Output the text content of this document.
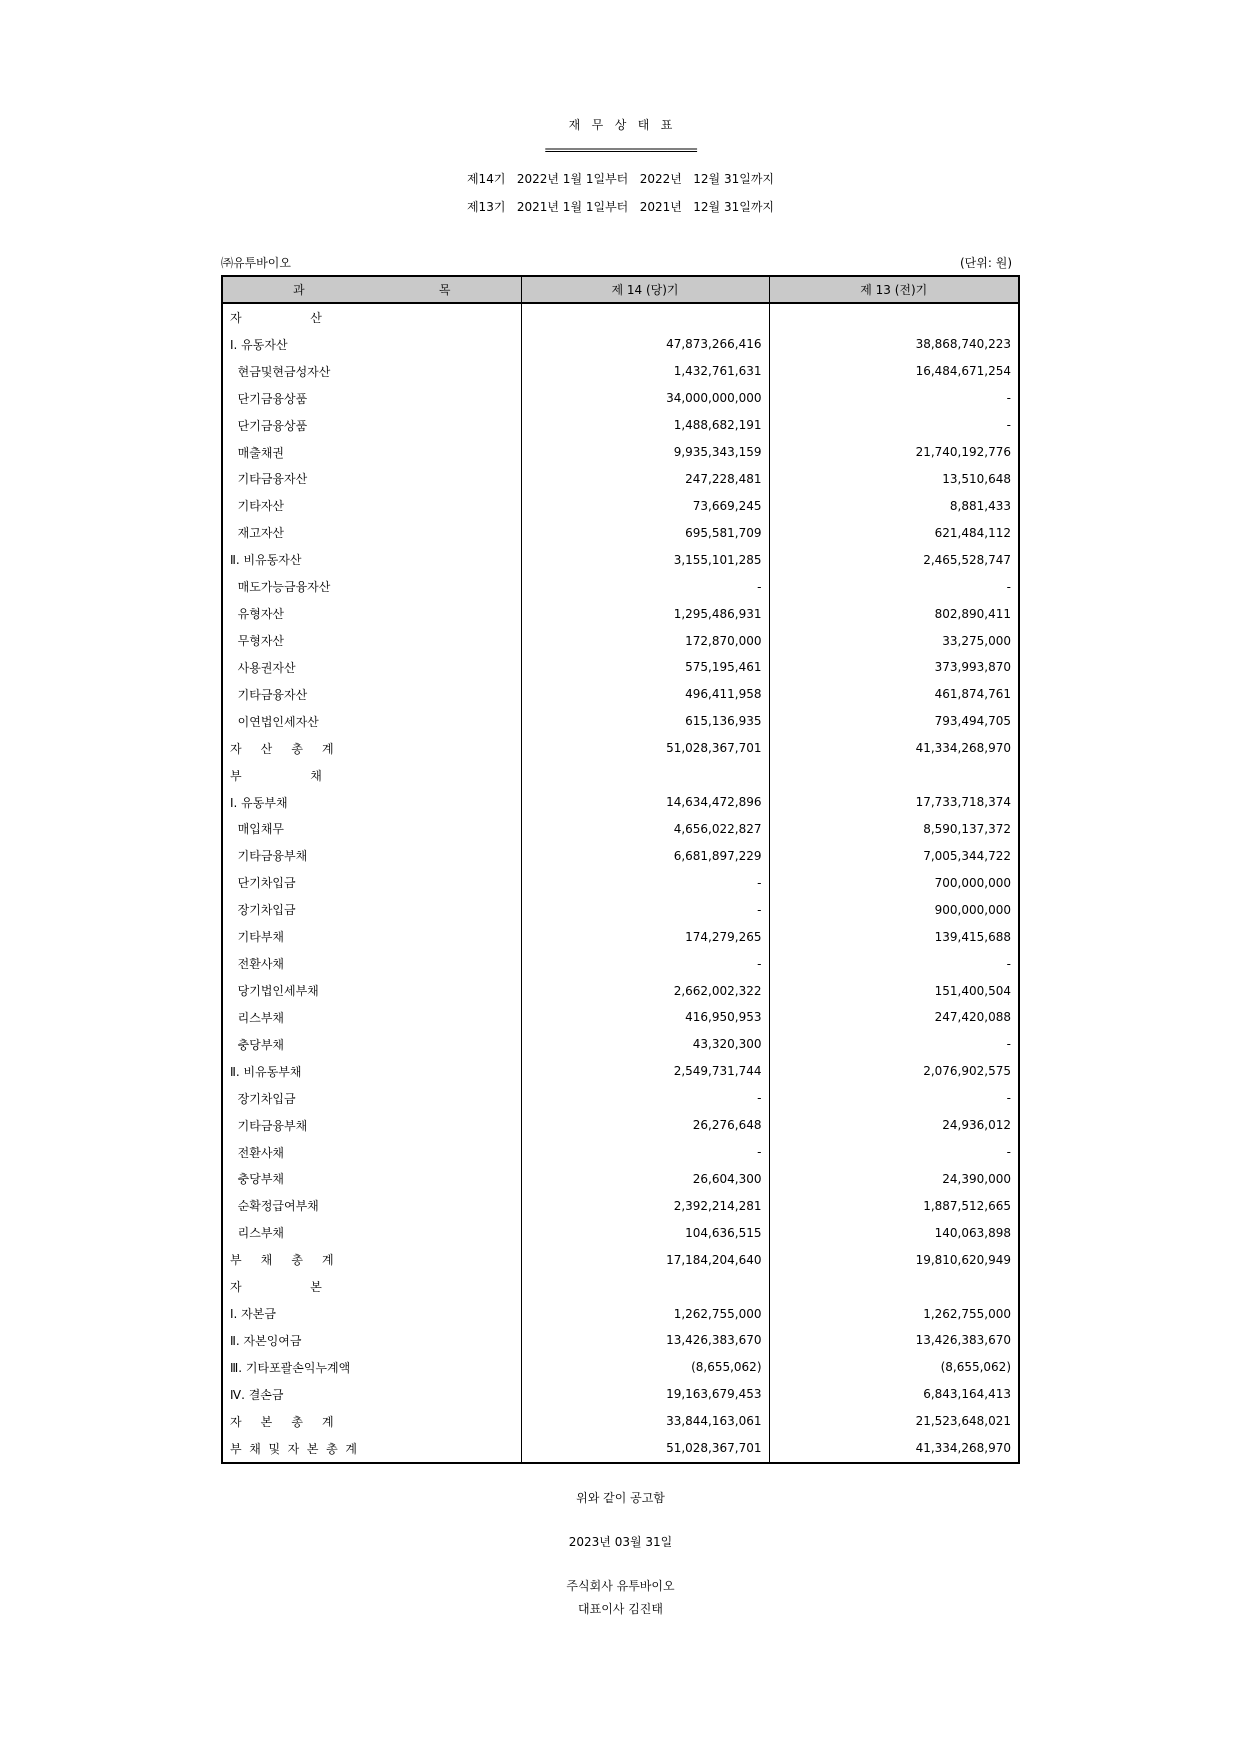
재   무   상   태   표
==========================
제14기   2022년 1월 1일부터   2022년   12월 31일까지
제13기   2021년 1월 1일부터   2021년   12월 31일까지
㈜유투바이오	(단위: 원)
과 목	제 14 (당)기	제 13 (전)기
자                  산		
Ⅰ. 유동자산	47,873,266,416	38,868,740,223
현금및현금성자산	1,432,761,631	16,484,671,254
단기금융상품	34,000,000,000	-
단기금융상품	1,488,682,191	-
매출채권	9,935,343,159	21,740,192,776
기타금융자산	247,228,481	13,510,648
기타자산	73,669,245	8,881,433
재고자산	695,581,709	621,484,112
Ⅱ. 비유동자산	3,155,101,285	2,465,528,747
매도가능금융자산	-	-
유형자산	1,295,486,931	802,890,411
무형자산	172,870,000	33,275,000
사용권자산	575,195,461	373,993,870
기타금융자산	496,411,958	461,874,761
이연법인세자산	615,136,935	793,494,705
자     산     총     계	51,028,367,701	41,334,268,970
부                  채		
Ⅰ. 유동부채	14,634,472,896	17,733,718,374
매입채무	4,656,022,827	8,590,137,372
기타금융부채	6,681,897,229	7,005,344,722
단기차입금	-	700,000,000
장기차입금	-	900,000,000
기타부채	174,279,265	139,415,688
전환사채	-	-
당기법인세부채	2,662,002,322	151,400,504
리스부채	416,950,953	247,420,088
충당부채	43,320,300	-
Ⅱ. 비유동부채	2,549,731,744	2,076,902,575
장기차입금	-	-
기타금융부채	26,276,648	24,936,012
전환사채	-	-
충당부채	26,604,300	24,390,000
순확정급여부채	2,392,214,281	1,887,512,665
리스부채	104,636,515	140,063,898
부     채     총     계	17,184,204,640	19,810,620,949
자                  본		
Ⅰ. 자본금	1,262,755,000	1,262,755,000
Ⅱ. 자본잉여금	13,426,383,670	13,426,383,670
Ⅲ. 기타포괄손익누계액	(8,655,062)	(8,655,062)
Ⅳ. 결손금	19,163,679,453	6,843,164,413
자     본     총     계	33,844,163,061	21,523,648,021
부  채  및  자  본  총  계	51,028,367,701	41,334,268,970
위와 같이 공고함
2023년 03월 31일
주식회사 유투바이오
대표이사 김진태
